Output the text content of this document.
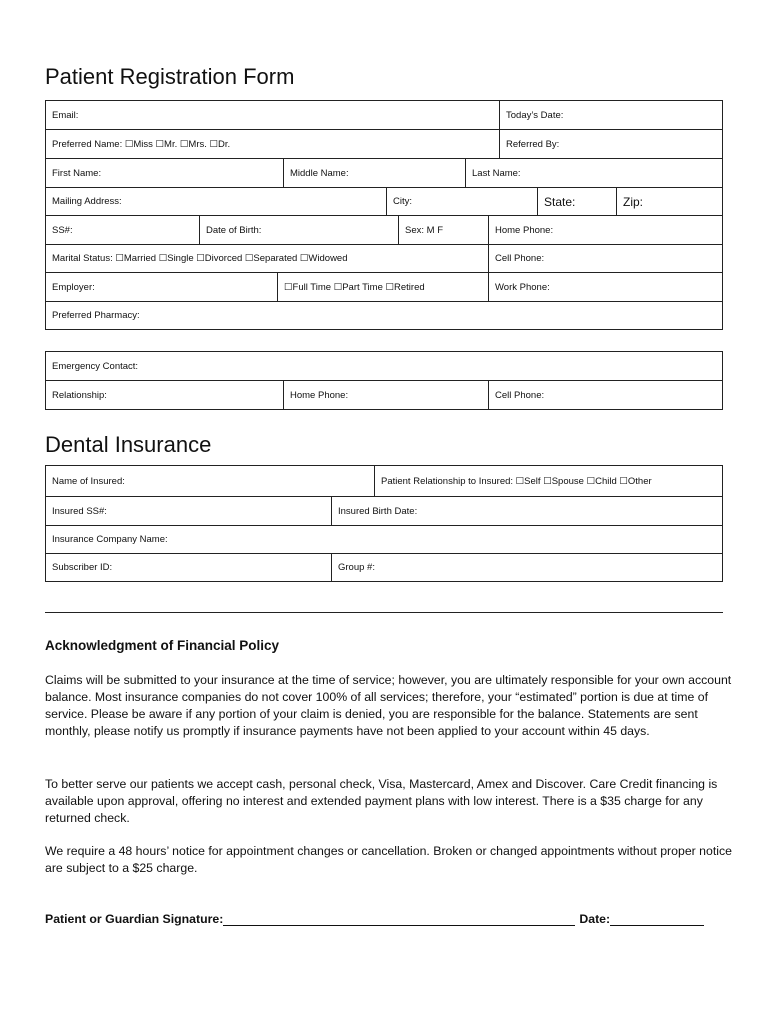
Patient Registration Form
Email:	Today’s Date:
Preferred Name: ☐Miss ☐Mr. ☐Mrs. ☐Dr.	Referred By:
First Name:	Middle Name:	Last Name:
Mailing Address:	City:	State:	Zip:
SS#:	Date of Birth:	Sex: M F	Home Phone:
Marital Status: ☐Married ☐Single ☐Divorced ☐Separated ☐Widowed	Cell Phone:
Employer:	☐Full Time ☐Part Time ☐Retired	Work Phone:
Preferred Pharmacy:
Emergency Contact:
Relationship:	Home Phone:	Cell Phone:
Dental Insurance
Name of Insured:	Patient Relationship to Insured: ☐Self ☐Spouse ☐Child ☐Other
Insured SS#:	Insured Birth Date:
Insurance Company Name:
Subscriber ID:	Group #:
Acknowledgment of Financial Policy

Claims will be submitted to your insurance at the time of service; however, you are ultimately responsible for your own account balance. Most insurance companies do not cover 100% of all services; therefore, your “estimated” portion is due at time of service. Please be aware if any portion of your claim is denied, you are responsible for the balance. Statements are sent monthly, please notify us promptly if insurance payments have not been applied to your account within 45 days.

To better serve our patients we accept cash, personal check, Visa, Mastercard, Amex and Discover. Care Credit financing is available upon approval, offering no interest and extended payment plans with low interest. There is a $35 charge for any returned check.

We require a 48 hours’ notice for appointment changes or cancellation. Broken or changed appointments without proper notice are subject to a $25 charge.

Patient or Guardian Signature:	Date:
